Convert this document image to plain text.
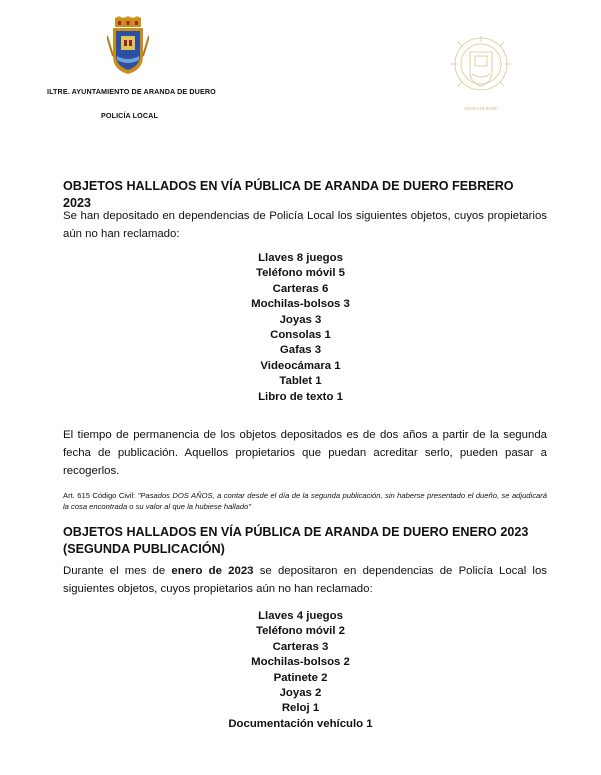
ILTRE. AYUNTAMIENTO DE ARANDA DE DUERO
POLICÍA LOCAL
ARANDA DE DUERO
OBJETOS HALLADOS EN VÍA PÚBLICA DE ARANDA DE DUERO FEBRERO 2023
Se han depositado en dependencias de Policía Local los siguientes objetos, cuyos propietarios aún no han reclamado:
Llaves 8 juegos
Teléfono móvil 5
Carteras 6
Mochilas-bolsos 3
Joyas 3
Consolas 1
Gafas 3
Videocámara 1
Tablet 1
Libro de texto 1
El tiempo de permanencia de los objetos depositados es de dos años a partir de la segunda fecha de publicación. Aquellos propietarios que puedan acreditar serlo, pueden pasar a recogerlos.
Art. 615 Código Civil: "Pasados DOS AÑOS, a contar desde el día de la segunda publicación, sin haberse presentado el dueño, se adjudicará la cosa encontrada o su valor al que la hubiese hallado"
OBJETOS HALLADOS EN VÍA PÚBLICA DE ARANDA DE DUERO ENERO 2023
(SEGUNDA PUBLICACIÓN)
Durante el mes de enero de 2023 se depositaron en dependencias de Policía Local los siguientes objetos, cuyos propietarios aún no han reclamado:
Llaves 4 juegos
Teléfono móvil 2
Carteras 3
Mochilas-bolsos 2
Patinete 2
Joyas 2
Reloj 1
Documentación vehículo 1
